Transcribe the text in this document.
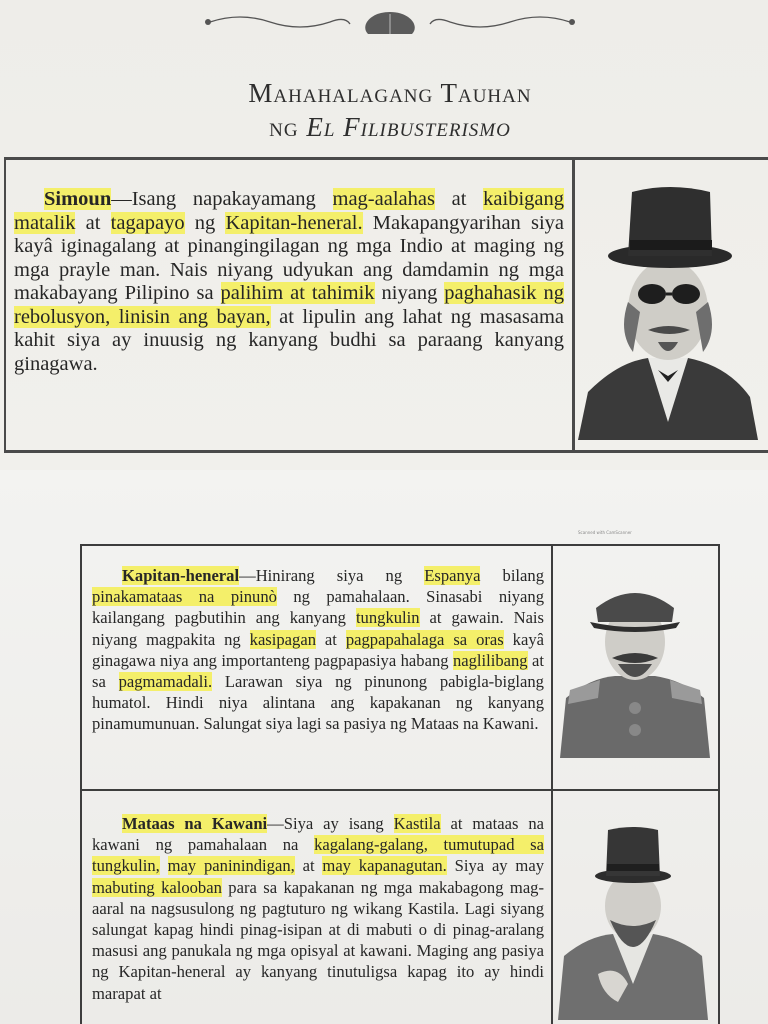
Mahahalagang Tauhan
ng El Filibusterismo
Simoun—Isang napakayamang mag-aalahas at kaibigang matalik at tagapayo ng Kapitan-heneral. Makapangyarihan siya kayâ iginagalang at pinangingilagan ng mga Indio at maging ng mga prayle man. Nais niyang udyukan ang damdamin ng mga makabayang Pilipino sa palihim at tahimik niyang paghahasik ng rebolusyon, linisin ang bayan, at lipulin ang lahat ng masasama kahit siya ay inuusig ng kanyang budhi sa paraang kanyang ginagawa.
Scanned with CamScanner
Kapitan-heneral—Hinirang siya ng Espanya bilang pinakamataas na pinunò ng pamahalaan. Sinasabi niyang kailangang pagbutihin ang kanyang tungkulin at gawain. Nais niyang magpakita ng kasipagan at pagpapahalaga sa oras kayâ ginagawa niya ang importanteng pagpapasiya habang naglilibang at sa pagmamadali. Larawan siya ng pinunong pabigla-biglang humatol. Hindi niya alintana ang kapakanan ng kanyang pinamumunuan. Salungat siya lagi sa pasiya ng Mataas na Kawani.
Mataas na Kawani—Siya ay isang Kastila at mataas na kawani ng pamahalaan na kagalang-galang, tumutupad sa tungkulin, may paninindigan, at may kapanagutan. Siya ay may mabuting kalooban para sa kapakanan ng mga makabagong mag-aaral na nagsusulong ng pagtuturo ng wikang Kastila. Lagi siyang salungat kapag hindi pinag-isipan at di mabuti o di pinag-aralang masusi ang panukala ng mga opisyal at kawani. Maging ang pasiya ng Kapitan-heneral ay kanyang tinutuligsa kapag ito ay hindi marapat at
